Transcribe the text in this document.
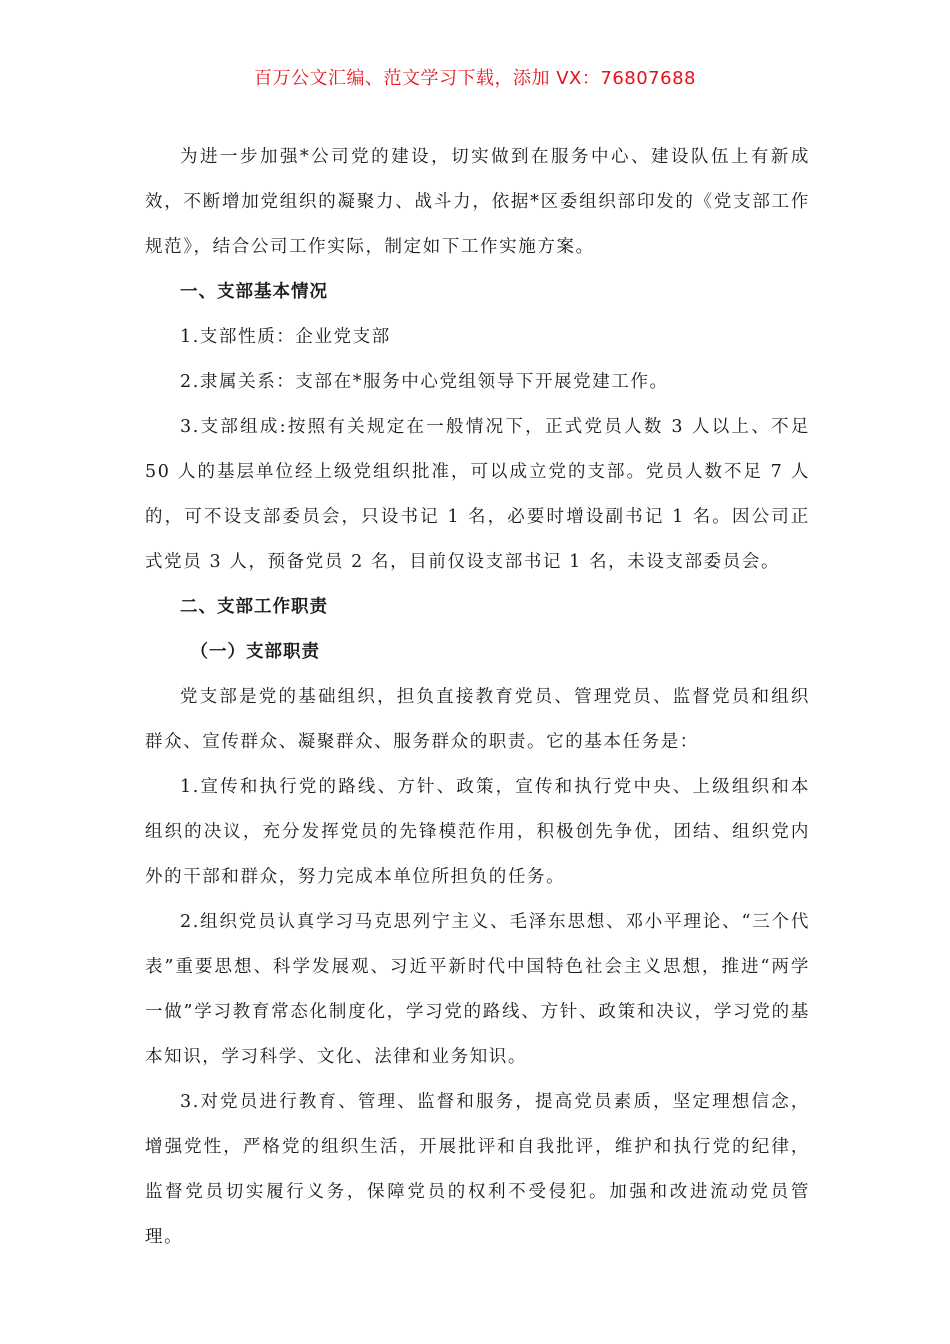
百万公文汇编、范文学习下载，添加 VX：76807688

为进一步加强*公司党的建设，切实做到在服务中心、建设队伍上有新成效，不断增加党组织的凝聚力、战斗力，依据*区委组织部印发的《党支部工作规范》，结合公司工作实际，制定如下工作实施方案。

一、支部基本情况

1.支部性质：企业党支部

2.隶属关系：支部在*服务中心党组领导下开展党建工作。

3.支部组成:按照有关规定在一般情况下，正式党员人数 3 人以上、不足 50 人的基层单位经上级党组织批准，可以成立党的支部。党员人数不足 7 人的，可不设支部委员会，只设书记 1 名，必要时增设副书记 1 名。因公司正式党员 3 人，预备党员 2 名，目前仅设支部书记 1 名，未设支部委员会。

二、支部工作职责

（一）支部职责

党支部是党的基础组织，担负直接教育党员、管理党员、监督党员和组织群众、宣传群众、凝聚群众、服务群众的职责。它的基本任务是：

1.宣传和执行党的路线、方针、政策，宣传和执行党中央、上级组织和本组织的决议，充分发挥党员的先锋模范作用，积极创先争优，团结、组织党内外的干部和群众，努力完成本单位所担负的任务。

2.组织党员认真学习马克思列宁主义、毛泽东思想、邓小平理论、“三个代表”重要思想、科学发展观、习近平新时代中国特色社会主义思想，推进“两学一做”学习教育常态化制度化，学习党的路线、方针、政策和决议，学习党的基本知识，学习科学、文化、法律和业务知识。

3.对党员进行教育、管理、监督和服务，提高党员素质，坚定理想信念，增强党性，严格党的组织生活，开展批评和自我批评，维护和执行党的纪律，监督党员切实履行义务，保障党员的权利不受侵犯。加强和改进流动党员管理。
